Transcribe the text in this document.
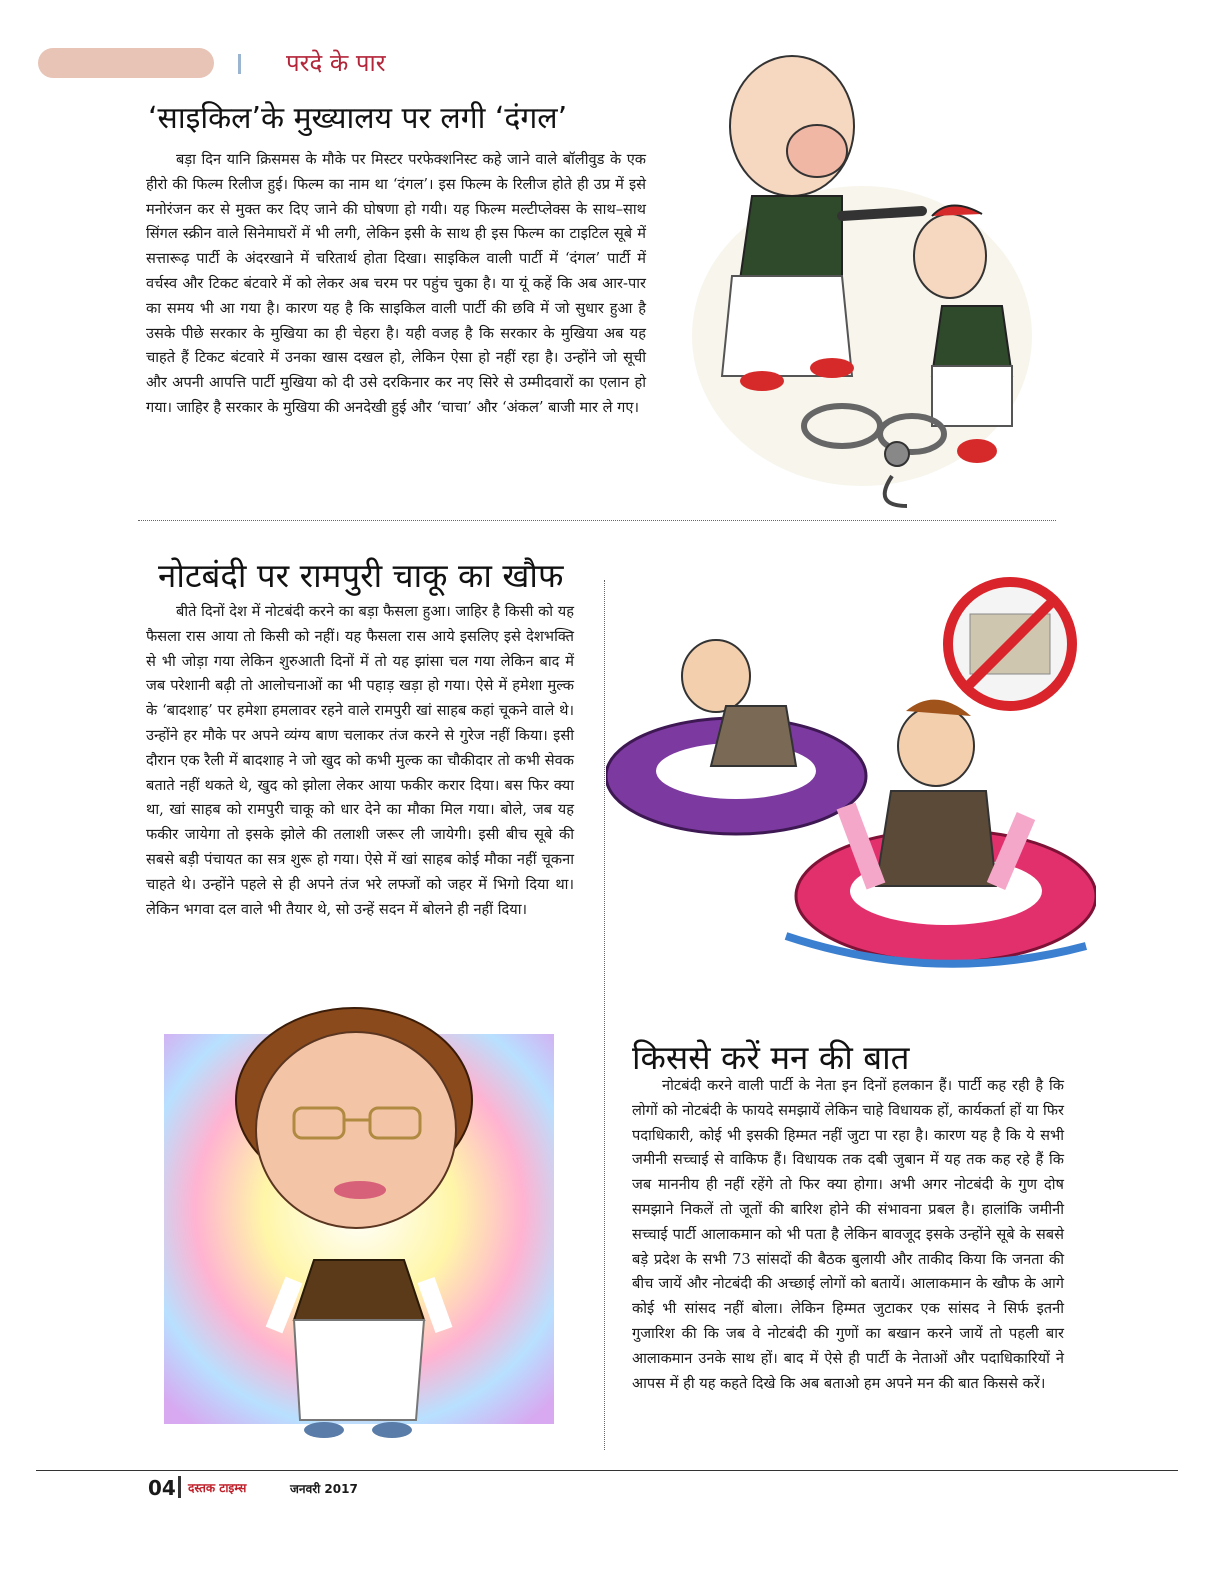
परदे के पार
‘साइकिल’के मुख्यालय पर लगी ‘दंगल’

बड़ा दिन यानि क्रिसमस के मौके पर मिस्टर परफेक्शनिस्ट कहे जाने वाले बॉलीवुड के एक हीरो की फिल्म रिलीज हुई। फिल्म का नाम था ‘दंगल’। इस फिल्म के रिलीज होते ही उप्र में इसे मनोरंजन कर से मुक्त कर दिए जाने की घोषणा हो गयी। यह फिल्म मल्टीप्लेक्स के साथ–साथ सिंगल स्क्रीन वाले सिनेमाघरों में भी लगी, लेकिन इसी के साथ ही इस फिल्म का टाइटिल सूबे में सत्तारूढ़ पार्टी के अंदरखाने में चरितार्थ होता दिखा। साइकिल वाली पार्टी में ‘दंगल’ पार्टी में वर्चस्व और टिकट बंटवारे में को लेकर अब चरम पर पहुंच चुका है। या यूं कहें कि अब आर-पार का समय भी आ गया है। कारण यह है कि साइकिल वाली पार्टी की छवि में जो सुधार हुआ है उसके पीछे सरकार के मुखिया का ही चेहरा है। यही वजह है कि सरकार के मुखिया अब यह चाहते हैं टिकट बंटवारे में उनका खास दखल हो, लेकिन ऐसा हो नहीं रहा है। उन्होंने जो सूची और अपनी आपत्ति पार्टी मुखिया को दी उसे दरकिनार कर नए सिरे से उम्मीदवारों का एलान हो गया। जाहिर है सरकार के मुखिया की अनदेखी हुई और ‘चाचा’ और ‘अंकल’ बाजी मार ले गए।

नोटबंदी पर रामपुरी चाकू का खौफ

बीते दिनों देश में नोटबंदी करने का बड़ा फैसला हुआ। जाहिर है किसी को यह फैसला रास आया तो किसी को नहीं। यह फैसला रास आये इसलिए इसे देशभक्ति से भी जोड़ा गया लेकिन शुरुआती दिनों में तो यह झांसा चल गया लेकिन बाद में जब परेशानी बढ़ी तो आलोचनाओं का भी पहाड़ खड़ा हो गया। ऐसे में हमेशा मुल्क के ‘बादशाह’ पर हमेशा हमलावर रहने वाले रामपुरी खां साहब कहां चूकने वाले थे। उन्होंने हर मौके पर अपने व्यंग्य बाण चलाकर तंज करने से गुरेज नहीं किया। इसी दौरान एक रैली में बादशाह ने जो खुद को कभी मुल्क का चौकीदार तो कभी सेवक बताते नहीं थकते थे, खुद को झोला लेकर आया फकीर करार दिया। बस फिर क्या था, खां साहब को रामपुरी चाकू को धार देने का मौका मिल गया। बोले, जब यह फकीर जायेगा तो इसके झोले की तलाशी जरूर ली जायेगी। इसी बीच सूबे की सबसे बड़ी पंचायत का सत्र शुरू हो गया। ऐसे में खां साहब कोई मौका नहीं चूकना चाहते थे। उन्होंने पहले से ही अपने तंज भरे लफ्जों को जहर में भिगो दिया था। लेकिन भगवा दल वाले भी तैयार थे, सो उन्हें सदन में बोलने ही नहीं दिया।

किससे करें मन की बात

नोटबंदी करने वाली पार्टी के नेता इन दिनों हलकान हैं। पार्टी कह रही है कि लोगों को नोटबंदी के फायदे समझायें लेकिन चाहे विधायक हों, कार्यकर्ता हों या फिर पदाधिकारी, कोई भी इसकी हिम्मत नहीं जुटा पा रहा है। कारण यह है कि ये सभी जमीनी सच्चाई से वाकिफ हैं। विधायक तक दबी जुबान में यह तक कह रहे हैं कि जब माननीय ही नहीं रहेंगे तो फिर क्या होगा। अभी अगर नोटबंदी के गुण दोष समझाने निकलें तो जूतों की बारिश होने की संभावना प्रबल है। हालांकि जमीनी सच्चाई पार्टी आलाकमान को भी पता है लेकिन बावजूद इसके उन्होंने सूबे के सबसे बड़े प्रदेश के सभी 73 सांसदों की बैठक बुलायी और ताकीद किया कि जनता की बीच जायें और नोटबंदी की अच्छाई लोगों को बतायें। आलाकमान के खौफ के आगे कोई भी सांसद नहीं बोला। लेकिन हिम्मत जुटाकर एक सांसद ने सिर्फ इतनी गुजारिश की कि जब वे नोटबंदी की गुणों का बखान करने जायें तो पहली बार आलाकमान उनके साथ हों। बाद में ऐसे ही पार्टी के नेताओं और पदाधिकारियों ने आपस में ही यह कहते दिखे कि अब बताओ हम अपने मन की बात किससे करें।

04 दस्तक टाइम्स	जनवरी 2017
